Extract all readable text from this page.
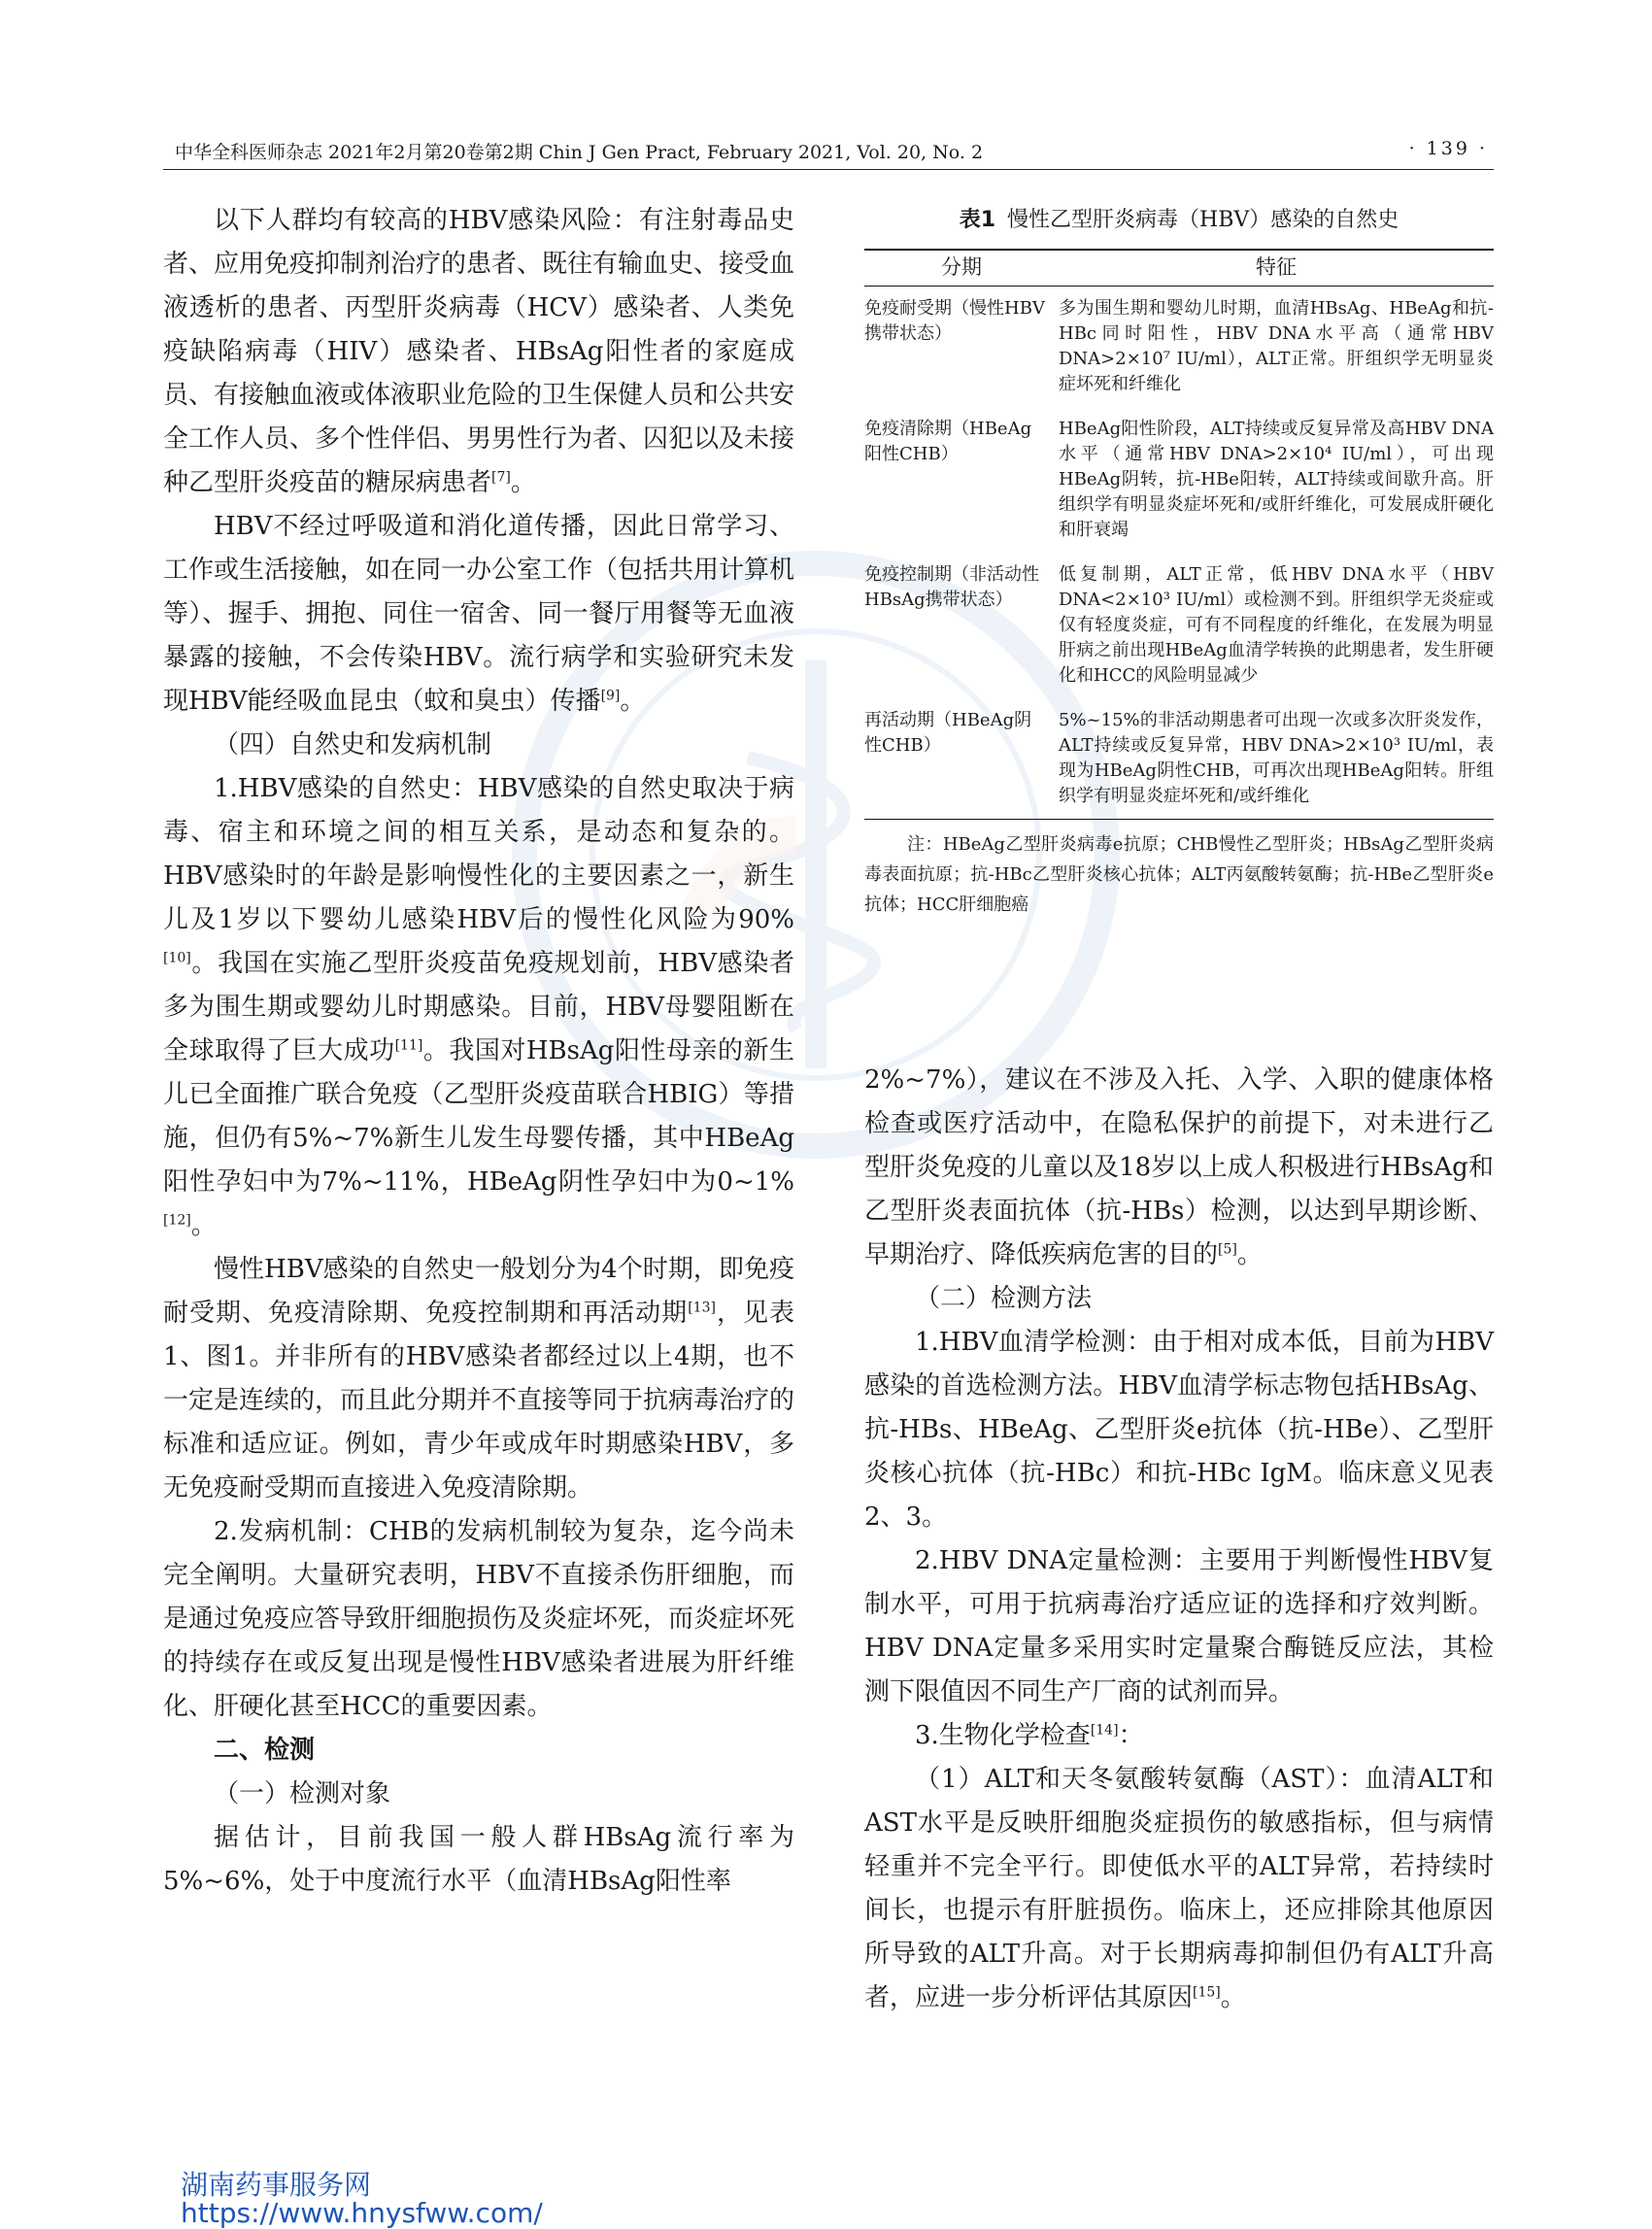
中华全科医师杂志 2021年2月第20卷第2期 Chin J Gen Pract, February 2021, Vol. 20, No. 2	· 139 ·

以下人群均有较高的HBV感染风险：有注射毒品史者、应用免疫抑制剂治疗的患者、既往有输血史、接受血液透析的患者、丙型肝炎病毒（HCV）感染者、人类免疫缺陷病毒（HIV）感染者、HBsAg阳性者的家庭成员、有接触血液或体液职业危险的卫生保健人员和公共安全工作人员、多个性伴侣、男男性行为者、囚犯以及未接种乙型肝炎疫苗的糖尿病患者[7]。

HBV不经过呼吸道和消化道传播，因此日常学习、工作或生活接触，如在同一办公室工作（包括共用计算机等）、握手、拥抱、同住一宿舍、同一餐厅用餐等无血液暴露的接触，不会传染HBV。流行病学和实验研究未发现HBV能经吸血昆虫（蚊和臭虫）传播[9]。

（四）自然史和发病机制

1.HBV感染的自然史：HBV感染的自然史取决于病毒、宿主和环境之间的相互关系，是动态和复杂的。HBV感染时的年龄是影响慢性化的主要因素之一，新生儿及1岁以下婴幼儿感染HBV后的慢性化风险为90%[10]。我国在实施乙型肝炎疫苗免疫规划前，HBV感染者多为围生期或婴幼儿时期感染。目前，HBV母婴阻断在全球取得了巨大成功[11]。我国对HBsAg阳性母亲的新生儿已全面推广联合免疫（乙型肝炎疫苗联合HBIG）等措施，但仍有5%~7%新生儿发生母婴传播，其中HBeAg阳性孕妇中为7%~11%，HBeAg阴性孕妇中为0~1%[12]。

慢性HBV感染的自然史一般划分为4个时期，即免疫耐受期、免疫清除期、免疫控制期和再活动期[13]，见表1、图1。并非所有的HBV感染者都经过以上4期，也不一定是连续的，而且此分期并不直接等同于抗病毒治疗的标准和适应证。例如，青少年或成年时期感染HBV，多无免疫耐受期而直接进入免疫清除期。

2.发病机制：CHB的发病机制较为复杂，迄今尚未完全阐明。大量研究表明，HBV不直接杀伤肝细胞，而是通过免疫应答导致肝细胞损伤及炎症坏死，而炎症坏死的持续存在或反复出现是慢性HBV感染者进展为肝纤维化、肝硬化甚至HCC的重要因素。

二、检测

（一）检测对象

据估计，目前我国一般人群HBsAg流行率为5%~6%，处于中度流行水平（血清HBsAg阳性率

表1 慢性乙型肝炎病毒（HBV）感染的自然史
分期	特征
免疫耐受期（慢性HBV携带状态）	多为围生期和婴幼儿时期，血清HBsAg、HBeAg和抗-HBc同时阳性，HBV DNA水平高（通常HBV DNA>2×10⁷ IU/ml），ALT正常。肝组织学无明显炎症坏死和纤维化
免疫清除期（HBeAg阳性CHB）	HBeAg阳性阶段，ALT持续或反复异常及高HBV DNA水平（通常HBV DNA>2×10⁴ IU/ml），可出现HBeAg阴转，抗-HBe阳转，ALT持续或间歇升高。肝组织学有明显炎症坏死和/或肝纤维化，可发展成肝硬化和肝衰竭
免疫控制期（非活动性HBsAg携带状态）	低复制期，ALT正常，低HBV DNA水平（HBV DNA<2×10³ IU/ml）或检测不到。肝组织学无炎症或仅有轻度炎症，可有不同程度的纤维化，在发展为明显肝病之前出现HBeAg血清学转换的此期患者，发生肝硬化和HCC的风险明显减少
再活动期（HBeAg阴性CHB）	5%~15%的非活动期患者可出现一次或多次肝炎发作，ALT持续或反复异常，HBV DNA>2×10³ IU/ml，表现为HBeAg阴性CHB，可再次出现HBeAg阳转。肝组织学有明显炎症坏死和/或纤维化
注：HBeAg乙型肝炎病毒e抗原；CHB慢性乙型肝炎；HBsAg乙型肝炎病毒表面抗原；抗-HBc乙型肝炎核心抗体；ALT丙氨酸转氨酶；抗-HBe乙型肝炎e抗体；HCC肝细胞癌

2%~7%），建议在不涉及入托、入学、入职的健康体格检查或医疗活动中，在隐私保护的前提下，对未进行乙型肝炎免疫的儿童以及18岁以上成人积极进行HBsAg和乙型肝炎表面抗体（抗-HBs）检测，以达到早期诊断、早期治疗、降低疾病危害的目的[5]。

（二）检测方法

1.HBV血清学检测：由于相对成本低，目前为HBV感染的首选检测方法。HBV血清学标志物包括HBsAg、抗-HBs、HBeAg、乙型肝炎e抗体（抗-HBe）、乙型肝炎核心抗体（抗-HBc）和抗-HBc IgM。临床意义见表2、3。

2.HBV DNA定量检测：主要用于判断慢性HBV复制水平，可用于抗病毒治疗适应证的选择和疗效判断。HBV DNA定量多采用实时定量聚合酶链反应法，其检测下限值因不同生产厂商的试剂而异。

3.生物化学检查[14]：

（1）ALT和天冬氨酸转氨酶（AST）：血清ALT和AST水平是反映肝细胞炎症损伤的敏感指标，但与病情轻重并不完全平行。即使低水平的ALT异常，若持续时间长，也提示有肝脏损伤。临床上，还应排除其他原因所导致的ALT升高。对于长期病毒抑制但仍有ALT升高者，应进一步分析评估其原因[15]。

湖南药事服务网
https://www.hnysfww.com/
